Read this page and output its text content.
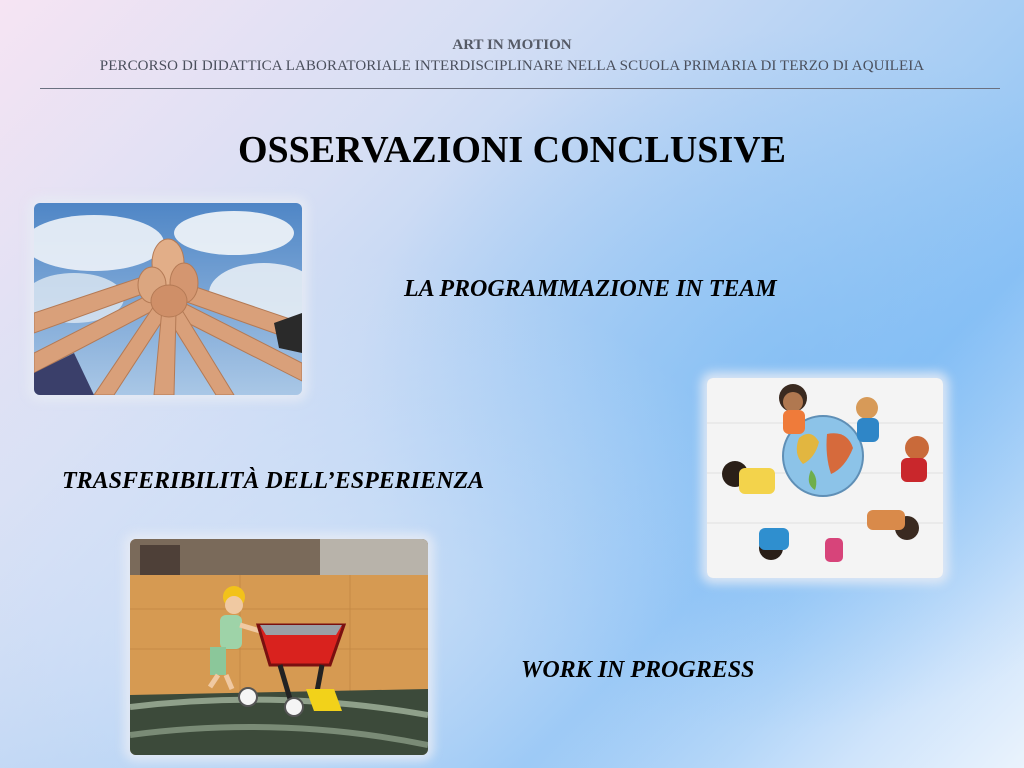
ART IN MOTION
PERCORSO DI DIDATTICA LABORATORIALE INTERDISCIPLINARE NELLA SCUOLA PRIMARIA DI TERZO DI AQUILEIA
OSSERVAZIONI CONCLUSIVE
LA PROGRAMMAZIONE IN TEAM
TRASFERIBILITÀ DELL’ESPERIENZA
WORK IN PROGRESS
